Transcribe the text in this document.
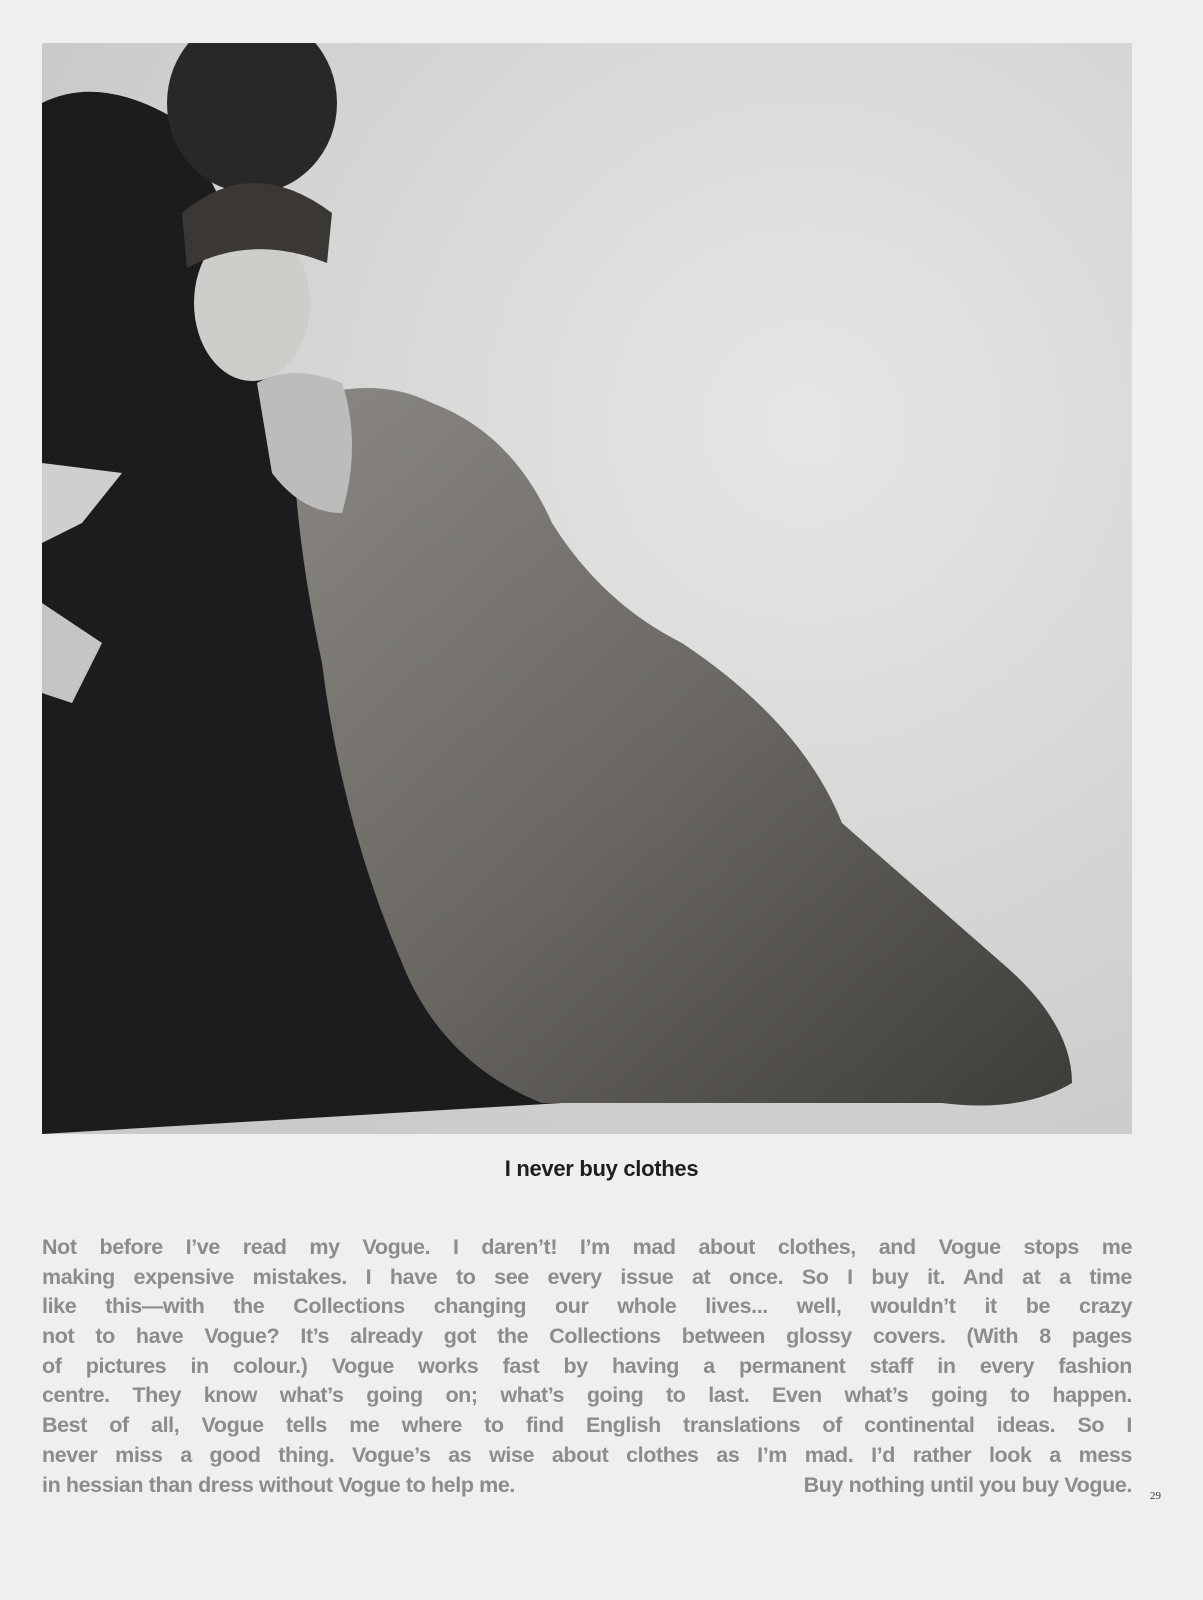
I never buy clothes
Not before I’ve read my Vogue. I daren’t! I’m mad about clothes, and Vogue stops me
making expensive mistakes. I have to see every issue at once. So I buy it. And at a time
like this—with the Collections changing our whole lives... well, wouldn’t it be crazy
not to have Vogue? It’s already got the Collections between glossy covers. (With 8 pages
of pictures in colour.) Vogue works fast by having a permanent staff in every fashion
centre. They know what’s going on; what’s going to last. Even what’s going to happen.
Best of all, Vogue tells me where to find English translations of continental ideas. So I
never miss a good thing. Vogue’s as wise about clothes as I’m mad. I’d rather look a mess
in hessian than dress without Vogue to help me.	Buy nothing until you buy Vogue. 29
